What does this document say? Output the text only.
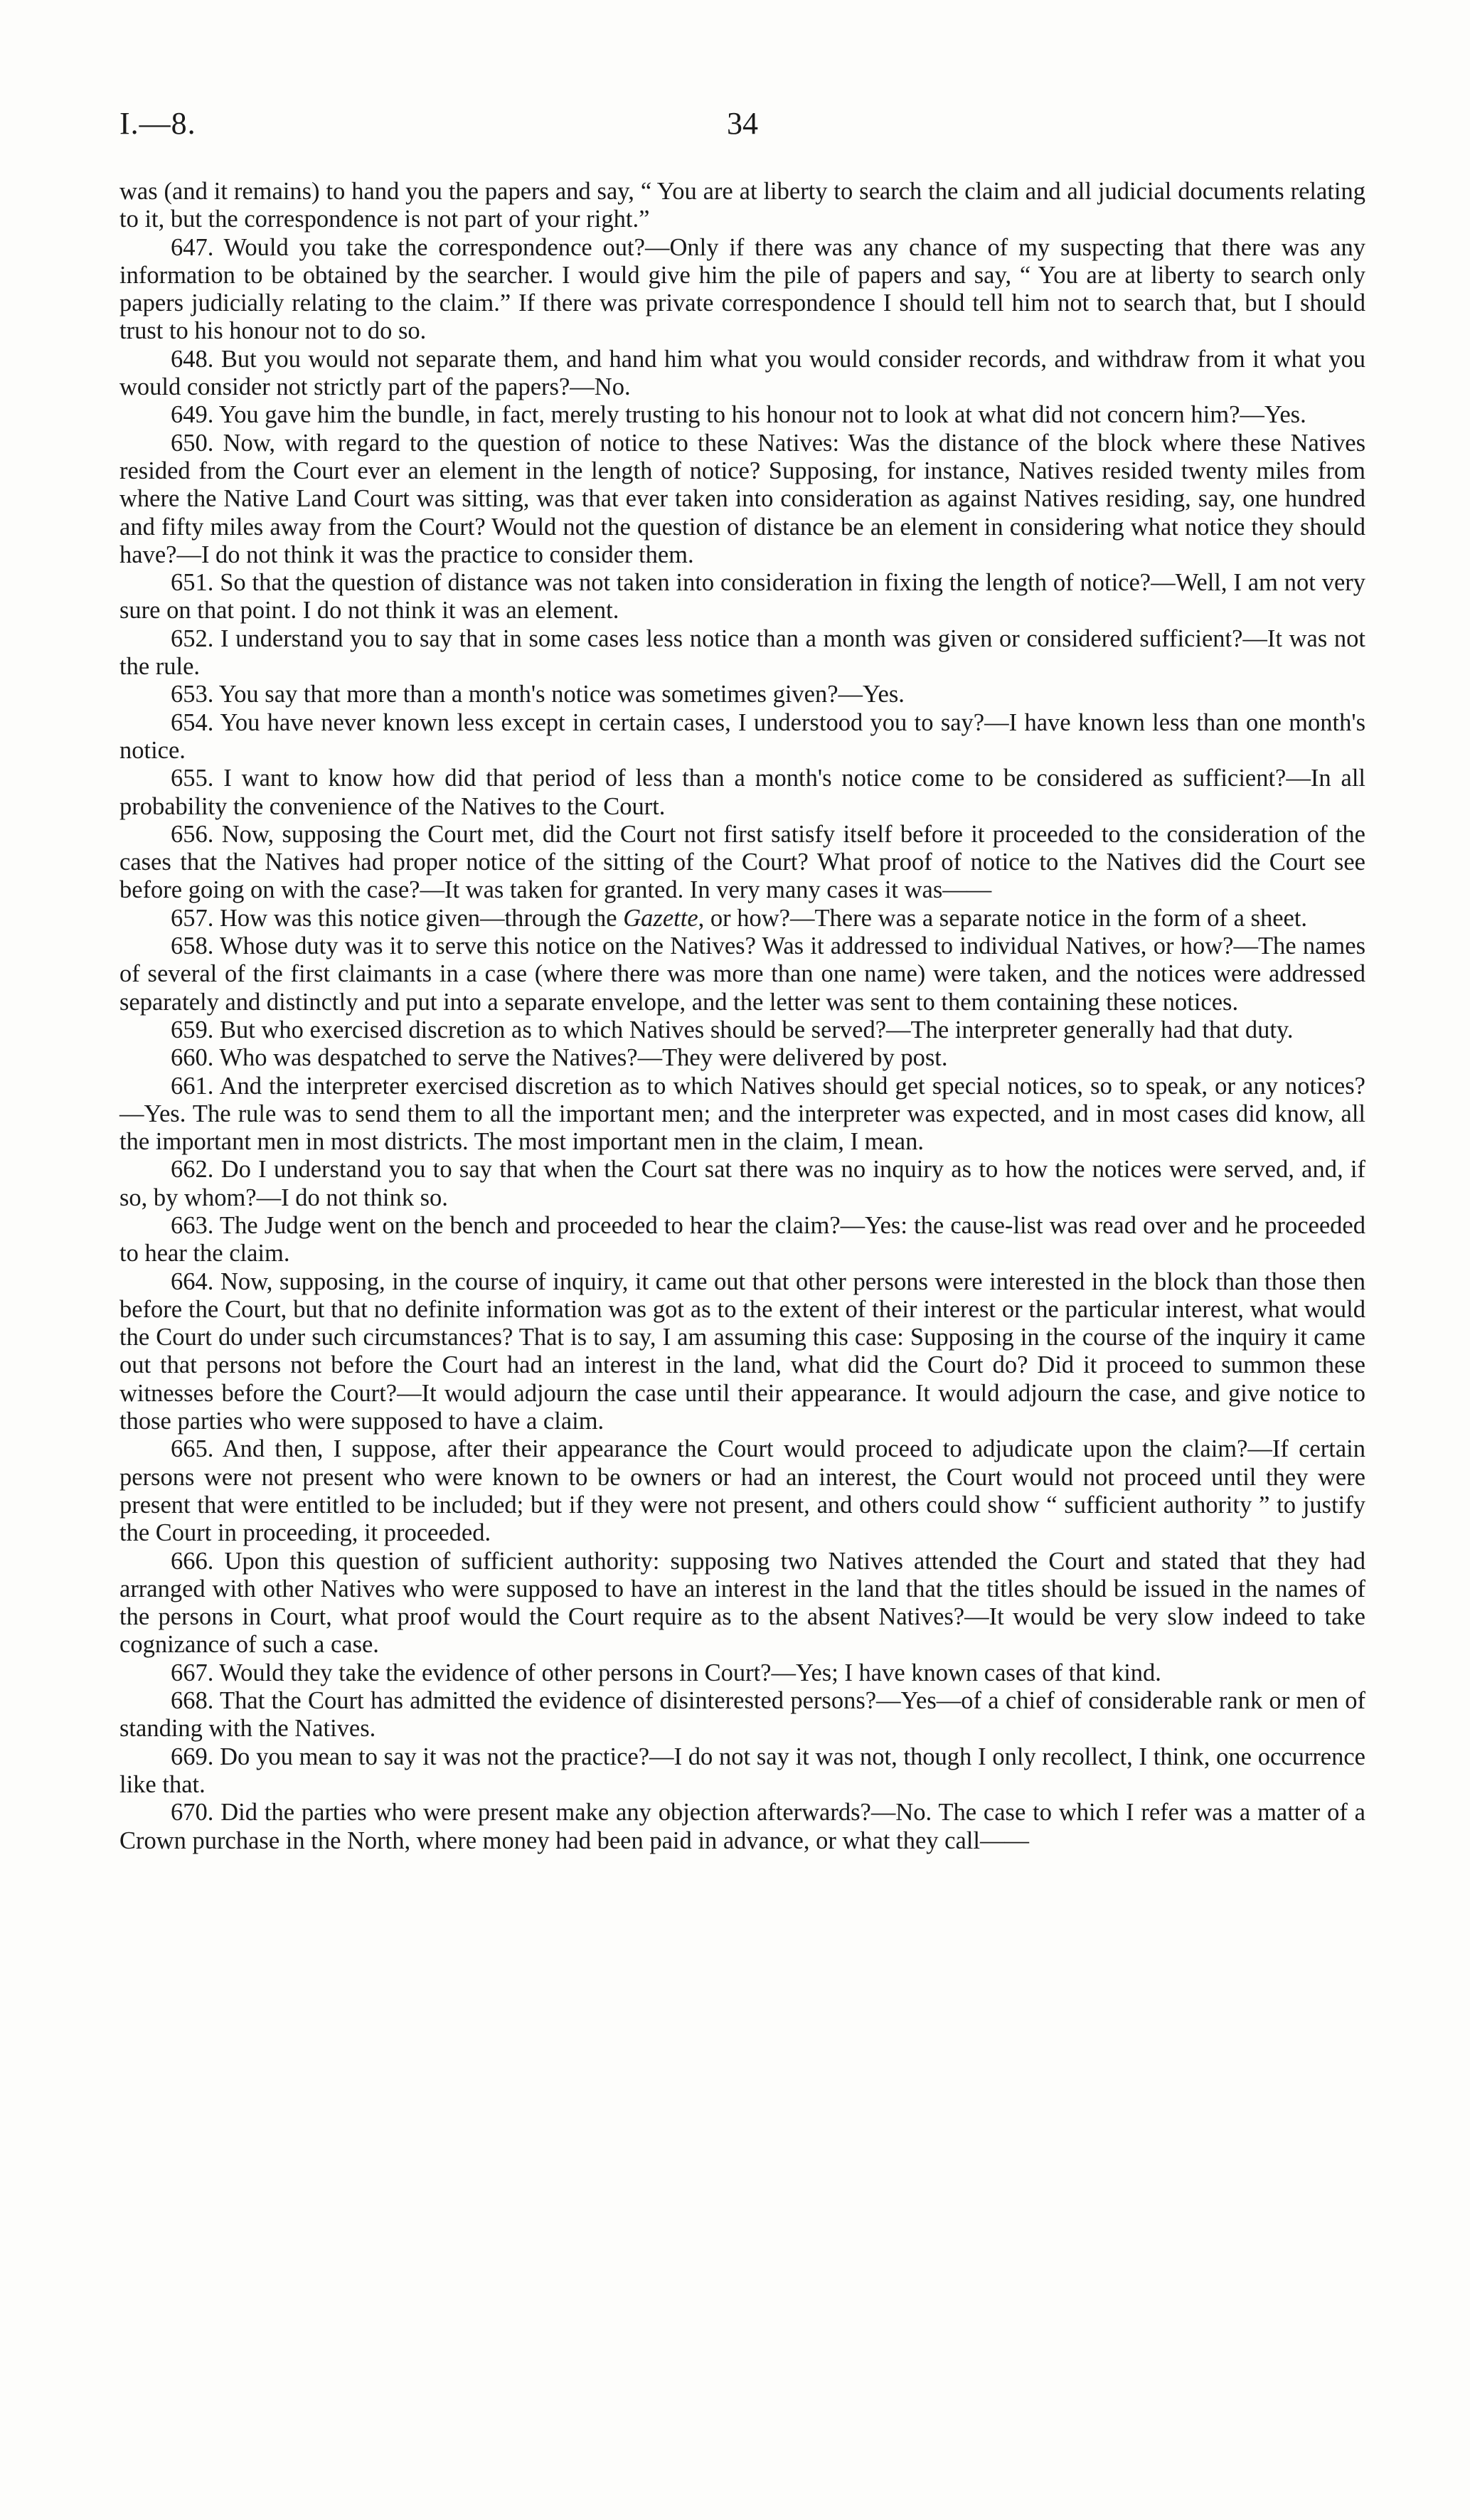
I.—8.	34

was (and it remains) to hand you the papers and say, “ You are at liberty to search the claim and all judicial documents relating to it, but the correspondence is not part of your right.”

647. Would you take the correspondence out?—Only if there was any chance of my suspecting that there was any information to be obtained by the searcher. I would give him the pile of papers and say, “ You are at liberty to search only papers judicially relating to the claim.” If there was private correspondence I should tell him not to search that, but I should trust to his honour not to do so.

648. But you would not separate them, and hand him what you would consider records, and withdraw from it what you would consider not strictly part of the papers?—No.

649. You gave him the bundle, in fact, merely trusting to his honour not to look at what did not concern him?—Yes.

650. Now, with regard to the question of notice to these Natives: Was the distance of the block where these Natives resided from the Court ever an element in the length of notice? Supposing, for instance, Natives resided twenty miles from where the Native Land Court was sitting, was that ever taken into consideration as against Natives residing, say, one hundred and fifty miles away from the Court? Would not the question of distance be an element in considering what notice they should have?—I do not think it was the practice to consider them.

651. So that the question of distance was not taken into consideration in fixing the length of notice?—Well, I am not very sure on that point. I do not think it was an element.

652. I understand you to say that in some cases less notice than a month was given or considered sufficient?—It was not the rule.

653. You say that more than a month's notice was sometimes given?—Yes.

654. You have never known less except in certain cases, I understood you to say?—I have known less than one month's notice.

655. I want to know how did that period of less than a month's notice come to be considered as sufficient?—In all probability the convenience of the Natives to the Court.

656. Now, supposing the Court met, did the Court not first satisfy itself before it proceeded to the consideration of the cases that the Natives had proper notice of the sitting of the Court? What proof of notice to the Natives did the Court see before going on with the case?—It was taken for granted. In very many cases it was——

657. How was this notice given—through the Gazette, or how?—There was a separate notice in the form of a sheet.

658. Whose duty was it to serve this notice on the Natives? Was it addressed to individual Natives, or how?—The names of several of the first claimants in a case (where there was more than one name) were taken, and the notices were addressed separately and distinctly and put into a separate envelope, and the letter was sent to them containing these notices.

659. But who exercised discretion as to which Natives should be served?—The interpreter generally had that duty.

660. Who was despatched to serve the Natives?—They were delivered by post.

661. And the interpreter exercised discretion as to which Natives should get special notices, so to speak, or any notices?—Yes. The rule was to send them to all the important men; and the interpreter was expected, and in most cases did know, all the important men in most districts. The most important men in the claim, I mean.

662. Do I understand you to say that when the Court sat there was no inquiry as to how the notices were served, and, if so, by whom?—I do not think so.

663. The Judge went on the bench and proceeded to hear the claim?—Yes: the cause-list was read over and he proceeded to hear the claim.

664. Now, supposing, in the course of inquiry, it came out that other persons were interested in the block than those then before the Court, but that no definite information was got as to the extent of their interest or the particular interest, what would the Court do under such circumstances? That is to say, I am assuming this case: Supposing in the course of the inquiry it came out that persons not before the Court had an interest in the land, what did the Court do? Did it proceed to summon these witnesses before the Court?—It would adjourn the case until their appearance. It would adjourn the case, and give notice to those parties who were supposed to have a claim.

665. And then, I suppose, after their appearance the Court would proceed to adjudicate upon the claim?—If certain persons were not present who were known to be owners or had an interest, the Court would not proceed until they were present that were entitled to be included; but if they were not present, and others could show “ sufficient authority ” to justify the Court in proceeding, it proceeded.

666. Upon this question of sufficient authority: supposing two Natives attended the Court and stated that they had arranged with other Natives who were supposed to have an interest in the land that the titles should be issued in the names of the persons in Court, what proof would the Court require as to the absent Natives?—It would be very slow indeed to take cognizance of such a case.

667. Would they take the evidence of other persons in Court?—Yes; I have known cases of that kind.

668. That the Court has admitted the evidence of disinterested persons?—Yes—of a chief of considerable rank or men of standing with the Natives.

669. Do you mean to say it was not the practice?—I do not say it was not, though I only recollect, I think, one occurrence like that.

670. Did the parties who were present make any objection afterwards?—No. The case to which I refer was a matter of a Crown purchase in the North, where money had been paid in advance, or what they call——
